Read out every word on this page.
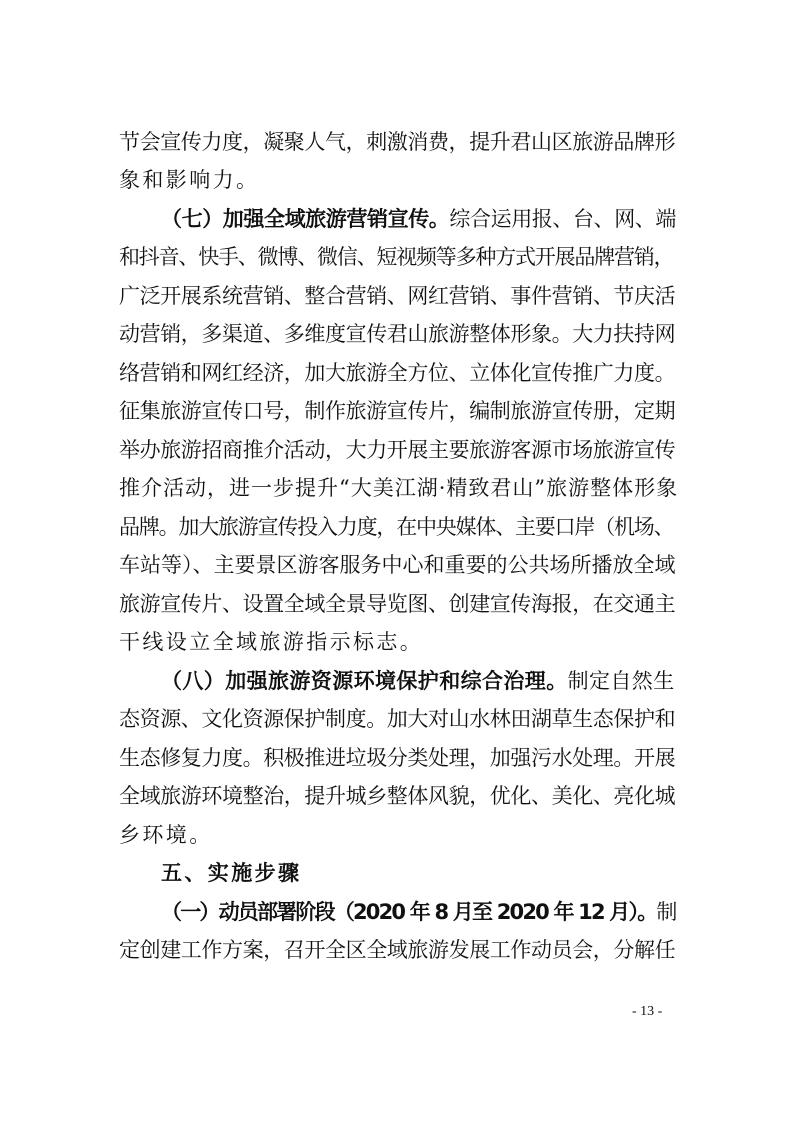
节会宣传力度，凝聚人气，刺激消费，提升君山区旅游品牌形
象和影响力。
（七）加强全域旅游营销宣传。综合运用报、台、网、端
和抖音、快手、微博、微信、短视频等多种方式开展品牌营销，
广泛开展系统营销、整合营销、网红营销、事件营销、节庆活
动营销，多渠道、多维度宣传君山旅游整体形象。大力扶持网
络营销和网红经济，加大旅游全方位、立体化宣传推广力度。
征集旅游宣传口号，制作旅游宣传片，编制旅游宣传册，定期
举办旅游招商推介活动，大力开展主要旅游客源市场旅游宣传
推介活动，进一步提升“大美江湖·精致君山”旅游整体形象
品牌。加大旅游宣传投入力度，在中央媒体、主要口岸（机场、
车站等）、主要景区游客服务中心和重要的公共场所播放全域
旅游宣传片、设置全域全景导览图、创建宣传海报，在交通主
干线设立全域旅游指示标志。
（八）加强旅游资源环境保护和综合治理。制定自然生
态资源、文化资源保护制度。加大对山水林田湖草生态保护和
生态修复力度。积极推进垃圾分类处理，加强污水处理。开展
全域旅游环境整治，提升城乡整体风貌，优化、美化、亮化城
乡环境。
五、实施步骤
（一）动员部署阶段（2020 年 8 月至 2020 年 12 月）。制
定创建工作方案，召开全区全域旅游发展工作动员会，分解任
- 13 -
